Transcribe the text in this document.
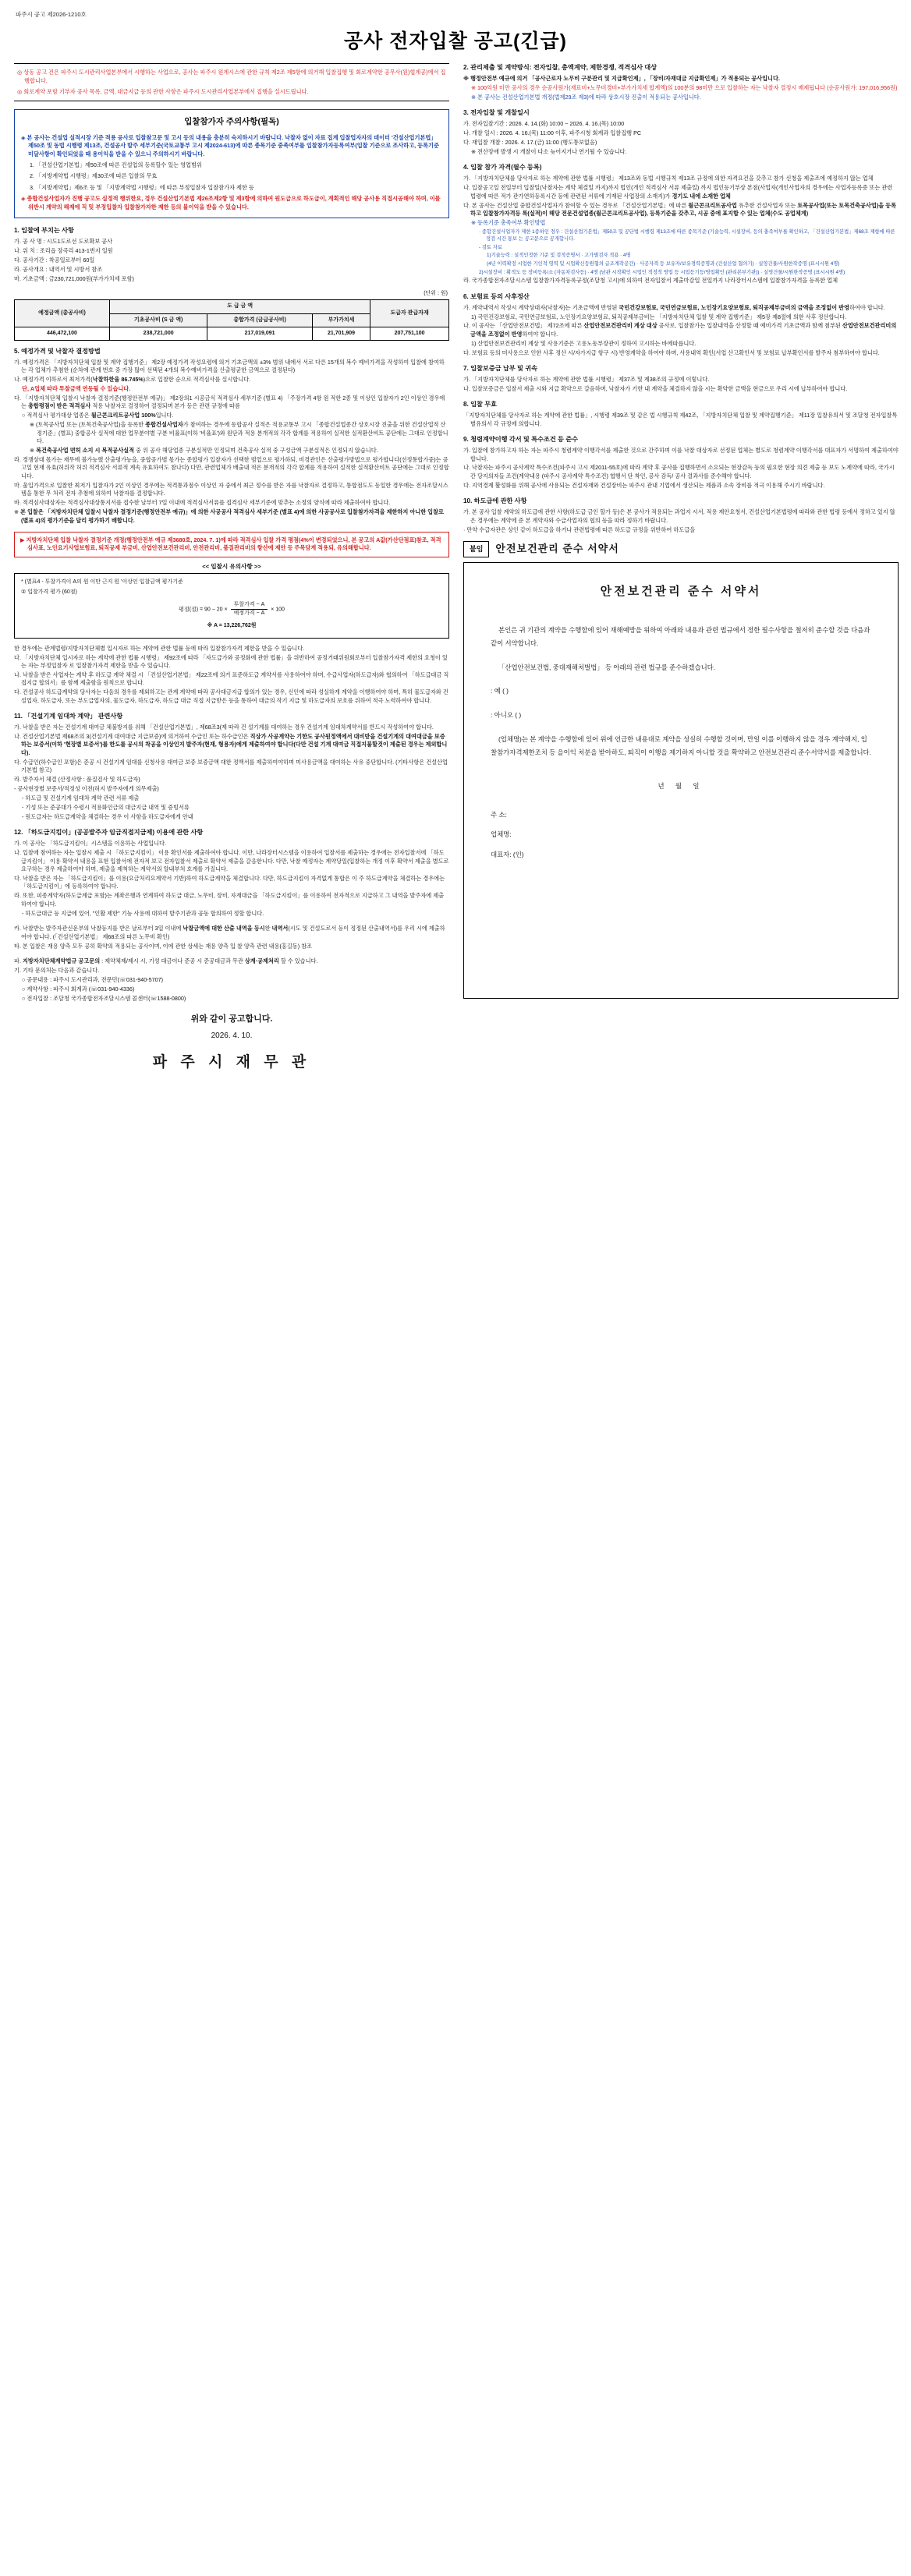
파주시 공고 제2026-1210호
공사 전자입찰 공고(긴급)

◎ 상동 공고 건은 파주시 도시관리사업본부에서 시행하는 사업으로, 공사는 파주시 원계시스에 관한 규칙 제2조 제5항에 의거해 입찰집행 및 회로계약한 공무사(원)협계공)에서 집행합니다.

◎ 회로계약 포함 기부자 공사 목록, 금액, 대금지급 등의 관한 사항은 파주시 도시관리사업본부에서 집행을 실시드립니다.

입찰참가자 주의사항(필독)

◈ 본 공사는 건설업 실적시장 기준 적용 공사로 입찰참고문 및 고시 등의 내용을 충분히 숙지하시기 바랍니다. 낙찰자 없이 자료 집계 입찰업자자의 데이터 '건설산업기본법」 제50조 및 동법 시행령 제13조, 건설공사 발주 세부기준(국토교통부 고시 제2024-613)에 따른 종목기준 중족여부를 입찰참가자등록여부(입찰 기준으로 조사하고, 등록기준 미달사항이 확인되었을 때 용이익을 받을 수 있으니 주의하시기 바랍니다.

1. 「건설산업기본법」제50조에 따른 건설업의 등록할수 있는 영업범위

2. 「지방계약법 시행령」제30조에 따른 입찰의 무효

3. 「지방계약법」제6조 등 및 「지방계약법 시행령」에 따른 부정입찰자 입찰참가자 제한 등

◈ 종합건설사업자가 진행 공고도 실정적 행위한요, 경우 건설산업기본법 제26조제2항 및 제3항에 의하여 원도급으로 하도급이, 계획적인 해당 공사용 직접시공해야 하며, 이를 위반시 계약의 해제에 직 및 부정입찰자 입찰참가자한 제한 등의 불이익을 받을 수 있습니다.

1. 입찰에 부치는 사항

가. 공 사 명 : 시도1도로선 도로확보 공사

나. 위 치 : 조리읍 장곡리 413-1번지 일원

다. 공사기간 : 착공일로부터 60일

라. 공사개요 : 내역서 및 시방서 참조

마. 기초금액 : 금230,721,000원(부가가치세 포함)

(단위 : 원)
예정금액 (총공사비)	도 급 금 액			도급자 관급자재
	기초공사비 (S 금 액)	총합가격 (금급공사비)	부가가치세	
446,472,100	238,721,000	217,019,091	21,701,909	207,751,100
5. 예정가격 및 낙찰자 결정방법

가. 예정가격은 「지방자치단체 입찰 및 계약 집행기준」 제2장 예정가격 작성요령에 의거 기초금액의 ±3% 범위 내에서 서로 다른 15개의 복수 예비가격을 작성하여 입찰에 참여하는 각 업체가 추첨한 (순차에 관계 번호 중 가장 많이 선택된 4개의 복수예비가격을 산출평균한 금액으로 결정된다)

나. 예정가격 이하로서 최저가격(낙찰하한율 86.745%)으로 입찰한 순으로 적격심사를 실시합니다.

단, A업체 따라 투찰금액 연동될 수 있습니다.

다. 「지방자치단체 입찰시 낙찰자 결정기준(행정안전부 예규)」 제2장의1 시공금식 적격심사 세부기준 (별표 4) 「주장가격 4항 원 적한 2종 및 이상인 입찰자가 2인 이상인 경우에는 총합평점이 받은 적격심사 적용 낙찰자로 결정하여 결정되며 본가 등은 관련 규정에 따름

○ 적격심사 평가대상 업종은 월근콘크리트공사업 100%입니다.

※ (토목공사업 또는 (토목건축공사업)을 등록한 종합건설사업자가 참여하는 경우에 동합공사 실적은 적용교통부 고시 「종합건설업종간 상호시장 진출을 위한 건설산업적 산정기준」(별표) 중합공사 실적에 대한 업무분야별 구분 비율표(이하 '비율표')와 원단과 적용 분개적의 각각 합계를 적용하여 실적한 실적환산비트 공단에는 그대로 인정합니다.

※ 복건축공사업 면허 소지 시 복적공사실적 중 위 공사 해당업종 구분실적만 인정되며 건축공사 실적 중 구성금액 구분실적은 인정되지 않습니다.

라. 경쟁상대 몫가는 재무에 불가능했 산출평가능을, 중합공가별 몫가는 종합평가 입찰자가 선택한 범업으로 평가하되, 비경관인은 산출평가방법으로 평가합니다(선정통합가중)는 공고일 현재 유효(허위작 허위 적격심사 서류적 계속 유효하여도 참나다) 다만, 관련업체가 배출내 적은 분개적의 각각 합계를 적용하여 실적한 실적환산비트 공단에는 그대로 인정합니다.

마. 울입가격으로 입찰한 최저가 입찰자가 2인 이상인 경우에는 적격통과점수 이상인 자 중에서 최근 정수를 받은 자를 낙찰자로 결정하고, 통합점도도 동일한 경우에는 전자조달시스템을 통한 무 처리 전자 추첨에 의하여 낙찰자를 결정합니다.

바. 적격심사대상자는 적격심사대상통지서를 접수한 날부터 7일 이내에 적격심사서류를 접격심사 세부기준에 맞추는 소정의 양식에 따라 제출하여야 합니다.

※ 본 입찰은 「지방자치단체 입찰시 낙찰자 결정기준(행정안전부 예규)」에 의한 사공공사 적격심사 세부기준 (별표 4)에 의한 사공공사로 입찰참가자격을 제한하지 아니한 입찰로 (별표 4)의 평가기준을 달리 평가하기 배합니다.

▶ 지방자치단체 입찰 낙찰자 결정기준 개정(행정안전부 예규 제3680호, 2024. 7. 1)에 따라 적격심사 입찰 가격 평점(4%이 변경되었으니, 본 공고의 A값(가산단점표)참조, 적격심사표, 노인요기사업보험료, 퇴직공제 부금비, 산업안전보건관리비, 안전관리비, 품질관리비의 항산에 제안 등 주목담계 적용되, 유의해합니다.

<< 입찰시 유의사항 >>
* (별표4 - 투찰가격이 A의 원 이만 근지 원 '이상인 입찰금액 평가기준
② 입찰가격 평가 (60점)
평점(점) = $90 - 20 \times \frac{\text{투찰가격 − A}}{\text{예정가격 − A}} \times 100$
※ A = 13,226,762원

한 경우에는 관계법령/지방자치단체별 입시자로 하는 계약에 관한 법률 등에 따라 입찰참가자격 제한을 받을 수 있습니다.

다. 「지방자치단체 입시자로 하는 계약에 관한 법률 시행령」 제92조에 따라 「자도급가와 공정화에 관한 법률」을 위반하여 공정거래위원회로부터 입찰참가자격 제한의 요청이 있는 자는 부정입찰자 로 입찰참가자격 제한을 받을 수 있습니다.

나. 낙찰을 받은 사업자는 계약 후 하도급 계약 체결 시 「건설산업기본법」 제22조에 의거 표준하도급 계약서를 사용하여야 하며, 수급사업자(하도급자)와 협의하여 「하도급대금 직접지급 합의서」를 함께 제출함을 원칙으로 합니다.

다. 건설공사 하도급계약의 당사자는 다음의 경우를 제외하고는 관계 계약에 따라 공사대금지급 합의가 있는 경우, 신인에 따라 성실하게 계약을 이행하여야 하며, 특히 물도급자와 건설업자, 하도급자, 또는 부도급업자의, 물도급자, 하도급자, 하도급 대금 직접 지급받은 등을 통하여 대금의 작기 지급 및 하도급자의 보호를 위하여 적극 노력하여야 합니다.

11. 「건설기계 임대차 계약」 관련사항

가. 낙찰을 받은 자는 건설기계 대여금 체불방지를 위해 「건설산업기본법」, 제68조3(제 따라 건 설기계를 대여하는 경우 건설기계 임대차계약서를 반드시 작성하여야 합니다.

나. 건설산업기본법 제68조의 3(건설기계 대여대금 지급보증)에 의거하여 수급인 또는 하수급인은 직상가 사공계약는 기한도 공사원정액에서 대비받을 건설기계의 대여대금을 보증하는 보증서(이하 '현장별 보증서')를 한도를 공시의 착공을 이상인지 발주자(현재, 형용자)에게 제출하여야 합니다(다만 건설 기계 대여금 직접지불할것이 제출된 경우는 제외합니다).

다. 수급인(하수급인 포함)은 준공 시 건설기계 임대를 신청사용 대여금 보증 보증금액 대한 정액서를 제출하여야하며 미사용금액을 대여하는 사유 중단합니다. (기타사항은 건설산업기본법 참고)

라. 발주자서 체결 (산정사항 : 품질검사 및 하도급자)

- 공사현장별 보증서/적정성 이전(허지 발주자에게 의무제출)

- 하도급 및 건설기계 임대차 계약 관련 서류 제출

- 기성 또는 준공대가 수령시 적용화인금의 대금지급 내역 및 증빙서류

- 원도급자는 하도급계약을 체결하는 경우 이 사항을 하도급자에게 안내

12. 「하도급지킴이」(공공발주자 임금직접지급제) 이용에 관한 사항

가. 이 공사는 「하도급지킴이」시스템을 이용하는 사업입니다.

나. 입찰에 참여하는 자는 입찰시 제출 시 「하도급지킴이」 이용 확인서를 제출하여야 합니다. 이만, 나라장터시스템을 이용하여 입찰서를 제출하는 경우에는 전자입찰서에 「하도급지킴이」 이용 확약서 내용을 표현 입찰서에 전자적 보고 전자입찰서 제출로 확약서 제출을 갈음한니다. 다만, 낙찰 예정자는 계약당일(입찰하는 개정 이후 확약서 제출을 별도로 요구하는 경우 제출하여야 하며, 제출을 제척하는 계약서의 알내부처 호계를 가질니다.

다. 낙찰을 받은 자는 「하도급지킴이」를 이용(요금처리요계약서 기반)하여 하도급계약을 체결합니다. 다만, 하도급지킴이 자격없게 통합은 이 주 하도급계약을 체결하는 경우에는 「하도급지킴이」에 등록하여야 합니다.

라. 또한, 피종계약자(하도급계급 포함)는 계좌은행과 연계하여 하도급 대금, 노무비, 장비, 자재대금을 「하도급지킴이」를 이용하여 전자적으로 지급하고 그 내역을 발주자에 제출하여야 합니다.

- 하도급대금 등 지급에 있어, "인활 제한" 기능 사용에 대하여 발주기관과 공동 합의하여 정할 합니다.

카. 낙찰받는 발주자관신운부의 낙찰등지를 받은 날로부터 3일 이내에 낙찰금액에 대한 산출 내역을 등시한 내역서(시도 및 건설도로서 등이 정정된 산출내역서)를 우리 시에 제출하여야 합니다. (「건설산업기본법」 제68조의 따른 노무비 확인)

타. 본 입찰은 재용 양측 모두 공히 확약의 적용되는 공사이며, 이에 관한 상세는 재용 양측 입 찰 양측 관련 내용(홍길동) 참조

파. 지방자치단체계약법규 공고문의 : 제약체제/제시 시, 기성 대금이나 준공 시 준공대금과 무관 상계·공제처리 할 수 있습니다.

기. 기타 문의처는 다음과 같습니다.

○ 공문내용 : 파주시 도시관리과, 전문민(☏031-940-5707)

○ 계약사항 : 파주시 회계과 (☏031-940-4336)

○ 전자입찰 : 조달청 국가종합전자조달시스템 콜센터(☏1588-0800)

위와 같이 공고합니다.
2026. 4. 10.
파 주 시 재 무 관
2. 관리제출 및 계약방식: 전자입찰, 총액계약, 제한경쟁, 적격심사 대상

※ 행정안전부 예규에 의거 「공사근로자 노무비 구분관리 및 지급확인제」, 「장비/자재대금 지급확인제」가 적용되는 공사입니다.

※ 100억원 미만 공사의 경우 순공사원가(재료비+노무비경비+부가가치세 합계액)의 100분의 98미만 으로 입찰하는 자는 낙찰자 결정시 배제됩니다 (순공사원가: 197,016,956원)

※ 본 공사는 건설산업기본법 개정(법제29조 제3)에 따라 상호시장 진출이 적용되는 공사입니다.

3. 전자입찰 및 개찰일시

가. 전자입찰기간 : 2026. 4. 14.(화) 10:00 ~ 2026. 4. 16.(목) 10:00

나. 개찰 일시 : 2026. 4. 16.(목) 11:00 이후, 파주시청 회계과 입찰집행 PC

다. 재입찰 개찰 : 2026. 4. 17.(금) 11:00 (행도통보없음)

※ 전산장애 발생 시 개찰이 다소 늦어지거나 연기될 수 있습니다.

4. 입찰 참가 자격(필수 등록)

가. 「지방자치단체를 당사자로 하는 계약에 관한 법률 시행령」 제13조와 동법 시행규칙 제13조 규정에 의한 자격요건을 갖추고 참가 신청을 제출조에 예정하지 않는 업체

나. 입찰공고일 전일부터 입찰일(낙찰자는 계약 체결일 까지)까지 법인(개인 적격심사 서류 제출일) 까지 법인등기부상 본점(사업자(개인사업자의 경우에는 사업자등록증 또는 관련 법령에 따른 적가 관가연하등록시간 등에 관련된 서류에 기재된 사업장의 소재지)가 경기도 내에 소재한 업체

다. 본 공사는 건설산업 중합건설사업자가 참여할 수 있는 경우로 「건설산업기본법」에 따른 월근콘크리트공사업 유추한 건설사업자 또는 토목공사업(또는 토목건축공사업)을 등록하고 입찰참가자격등 록(실적)이 해당 전문건설업종(월근콘크리트공사업), 등록기준을 갖추고, 시공 중에 표지합 수 있는 업체(수도 공업체계)

※ 등록기준 총족여부 확인방법

· 종합건설사업자가 제한 1종하인 경우 : 건설산업기본법」제50조 및 공단법 시행령 제13조에 따른 종목기준 (기술능력, 시설장비, 등의 충족여부를 확인하고, 「건설산업기본법」제68조 제항에 따른 정검 시간 통보 는 공고문으로 공개합니다.

- 검토 자료

1)기술능력 : 실적인정한 기준 및 검적증명서 · 고가별검자 적용 · 4명

(4년 이력확정 시업한 기인적 영역 및 시업확신등원협의 급조계작공간) · 사공자격 등 보유자/보유경력증명과 (건설산업 협의기) · 실영건물/사원한작증명 (표시시원 4명)

2)시설장비 : 확적도 등 장비등록/소 (자동차검사등) · 4명 (남관 시작확인 시업인 적정적 영업 등 시업등기등/영업확인 (관리본부기관)) · 실영건물/시원한작증명 (표시시원 4명)

라. 국가종합전자조달시스템 입찰참가자격등록규정(조달청 고시)에 의하여 전자입찰서 제출마감일 전일까지 나라장터시스템에 입찰참가자격을 등록한 업체

6. 보험료 등의 사후정산

가. 계약내역서 작성시 계약상대자(낙찰자)는 기초금액에 반영된 국민건강보험료, 국민연금보험료, 노인장기요양보험료, 퇴직공제부금비의 금액을 조정없이 반영하여야 합니다.

1) 국민건강보험료, 국민연금보험료, 노인장기요양보험료, 퇴직공제부금비는 「지방자치단체 입찰 및 계약 집행기준」 제5장 제8절에 의한 사후 정산합니다.

나. 이 공사는 「산업안전보건법」 제72조에 따른 산업안전보건관리비 계상 대상 공사로, 입찰참가는 입찰내역을 산정할 때 예비가격 기초금액과 함께 첨부된 산업안전보건관리비의 금액을 조정없이 반영하여야 합니다.

1) 산업안전보건관리비 계상 및 사용기준은 고용노동부장관이 정하여 고시하는 바에따릅니다.

다. 보험료 등의 미사용으로 인한 사후 정산 시/자가지급 항구 시) 반영계약을 하여야 하며, 사용내역 확인(서업 산고확인서 및 보험료 납부확인서를 발주자 첨부하여야 합니다.

7. 입찰보증금 납부 및 귀속

가. 「지방자치단체를 당사자로 하는 계약에 관한 법률 시행령」 제37조 및 제38조의 규정에 이렇니다.

나. 입찰보증금은 입찰서 제출 시와 지급 확약으로 갈음하며, 낙찰자가 기한 내 계약을 체결하지 않을 시는 확약한 금액을 현금으로 우리 시에 납부하여야 합니다.

8. 입찰 무효

「지방자치단체를 당사자로 하는 계약에 관한 법률」, 시행령 제39조 및 같은 법 시행규칙 제42조, 「지방자치단체 입찰 및 계약집행기준」 제11장 입찰유의서 및 조달청 전자입찰특별유의서 각 규정에 의합니다.

9. 청렴계약이행 각서 및 특수조건 등 준수

가. 입찰에 참가하고자 하는 자는 파주시 청렴계약 이행각서를 제출한 것으로 간주하며 이를 낙찰 대상자로 선정된 업체는 별도로 청렴계약 이행각서를 대표자가 서명하여 제출하여야 합니다.

나. 낙찰자는 파주시 공사계약 특수조건(파주시 고시 제2011-55호)에 따라 계약 후 공사를 집행하면서 소요되는 현장감독 등의 필요한 현장 의견 제출 등 보도 노계약에 따라, 국가시간 당지의자들 조건(계약내용 (파주시 공사계약 특수조건) 협행서 단 착인, 공사 감독/ 공사 결과사를 준수해야 합니다.

다. 지역경제 활성화를 위해 공사에 사용되는 건설자재와 건설장비는 파주시 관내 기업에서 생산되는 제품과 소속 장비를 적극 이용해 주시기 바랍니다.

10. 하도급에 관한 사항

가. 본 공사 입찰 계약의 하도급에 관한 사항(하도급 금인 할가 등)은 본 공사가 적용되는 과업지 시서, 적용 제안요청서, 건설산업기본법령에 따라와 관한 법령 등에서 정하고 있지 않은 경우에는 계약에 준 본 계약자와 수급사업자의 협의 등을 따라 정하기 바랍니다.

· 만약 수급자관은 상인 같이 하도급을 하거나 관련법령에 따른 하도급 규정을 위반하여 하도급을

붙임	안전보건관리 준수 서약서
안전보건관리 준수 서약서

본인은 귀 기관의 계약을 수행함에 있어 재해예방을 위하여 아래와 내용과 관련 법규에서 정한 필수사항을 철저히 준수할 것을 다음과 같이 서약합니다.

「산업안전보건법, 중대재해처벌법」 등 아래의 관련 법규를 준수하겠습니다.

: 예 ( )

: 아니오 ( )

(업체명)는 본 계약을 수행함에 있어 위에 언급한 내용대로 계약을 성실히 수행할 것이며, 만일 이를 이행하지 않을 경우 계약해지, 입찰참가자격제한조치 등 을이익 처분을 받아하도, 퇴직이 이행을 제기하지 아니할 것을 확약하고 안전보건관리 준수서약서를 제출합니다.

년 월 일
주 소:
업체명:
대표자: (인)
